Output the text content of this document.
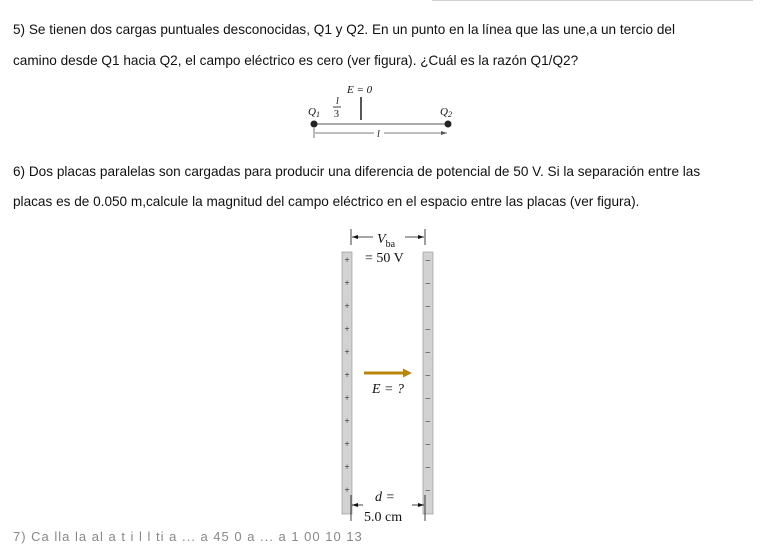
5) Se tienen dos cargas puntuales desconocidas, Q1 y Q2. En un punto en la línea que las une,a un tercio del

camino desde Q1 hacia Q2, el campo eléctrico es cero (ver figura). ¿Cuál es la razón Q1/Q2?

E = 0
Q1
l
3	Q2
l

6) Dos placas paralelas son cargadas para producir una diferencia de potencial de 50 V. Si la separación entre las

placas es de 0.050 m,calcule la magnitud del campo eléctrico en el espacio entre las placas (ver figura).

$V_{ba}$
= 50 V
+
+
+
+
+
+
+
+
+
+
+
–
–
–
–
–
–
–
–
–
–
–
E = ?
d =
5.0 cm
7) Ca lla la al a t i l l ti a ... a 45 0 a ... a 1 00 10 13
